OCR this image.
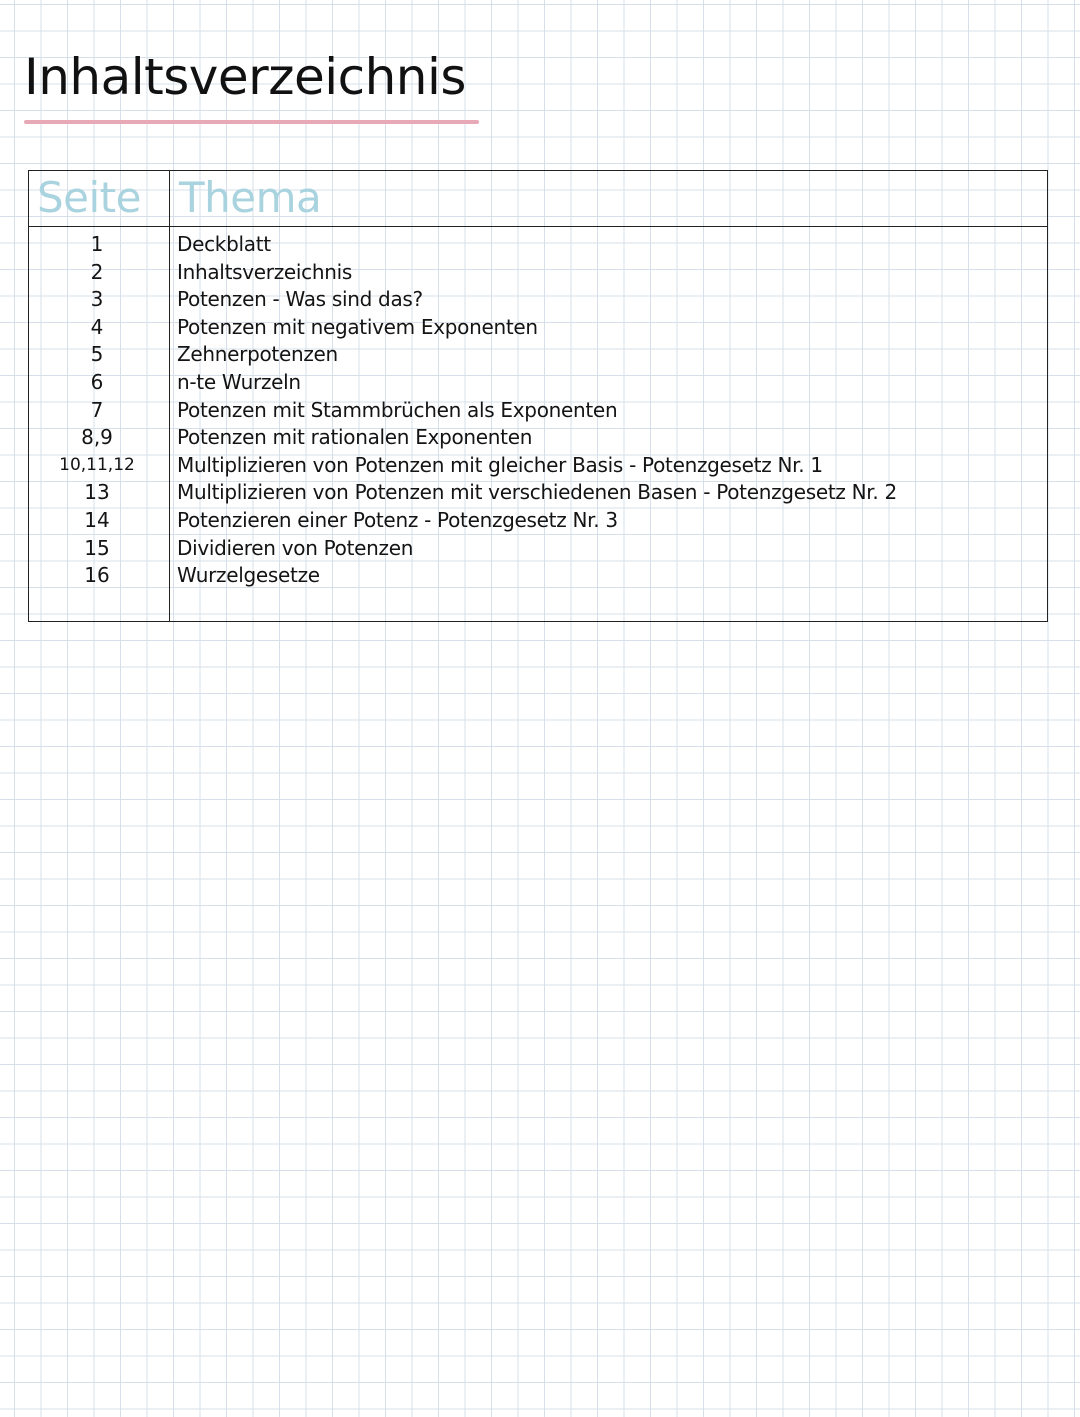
Inhaltsverzeichnis
Seite Thema
1	Deckblatt
2	Inhaltsverzeichnis
3	Potenzen - Was sind das?
4	Potenzen mit negativem Exponenten
5	Zehnerpotenzen
6	n-te Wurzeln
7	Potenzen mit Stammbrüchen als Exponenten
8,9	Potenzen mit rationalen Exponenten
10,11,12	Multiplizieren von Potenzen mit gleicher Basis - Potenzgesetz Nr. 1
13	Multiplizieren von Potenzen mit verschiedenen Basen - Potenzgesetz Nr. 2
14	Potenzieren einer Potenz - Potenzgesetz Nr. 3
15	Dividieren von Potenzen
16	Wurzelgesetze
